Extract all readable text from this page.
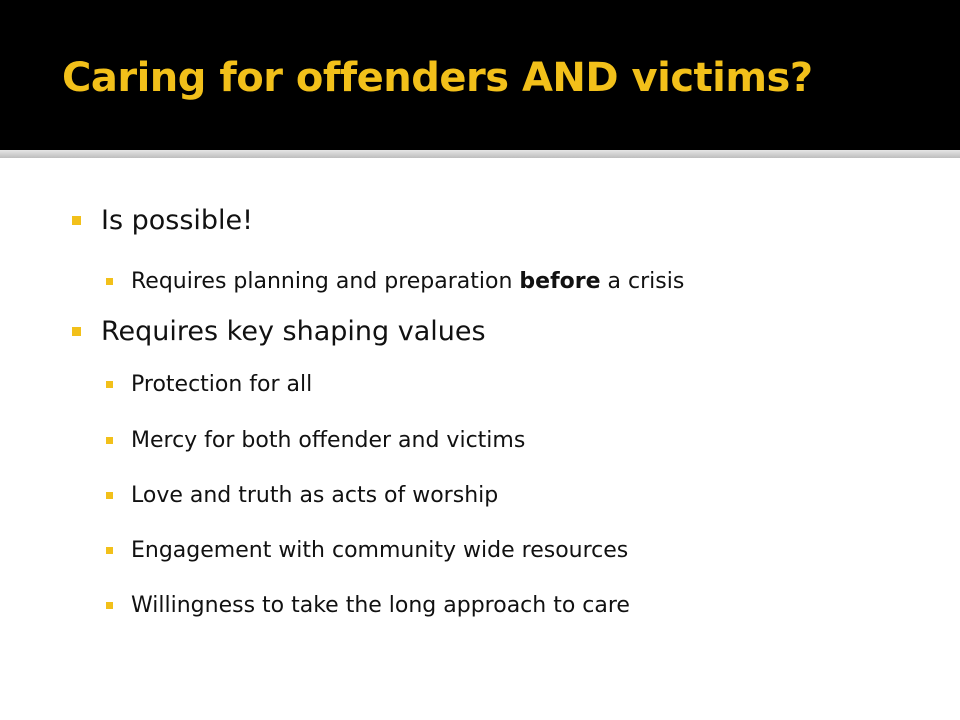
Caring for offenders AND victims?
Is possible!
Requires planning and preparation before a crisis
Requires key shaping values
Protection for all
Mercy for both offender and victims
Love and truth as acts of worship
Engagement with community wide resources
Willingness to take the long approach to care
